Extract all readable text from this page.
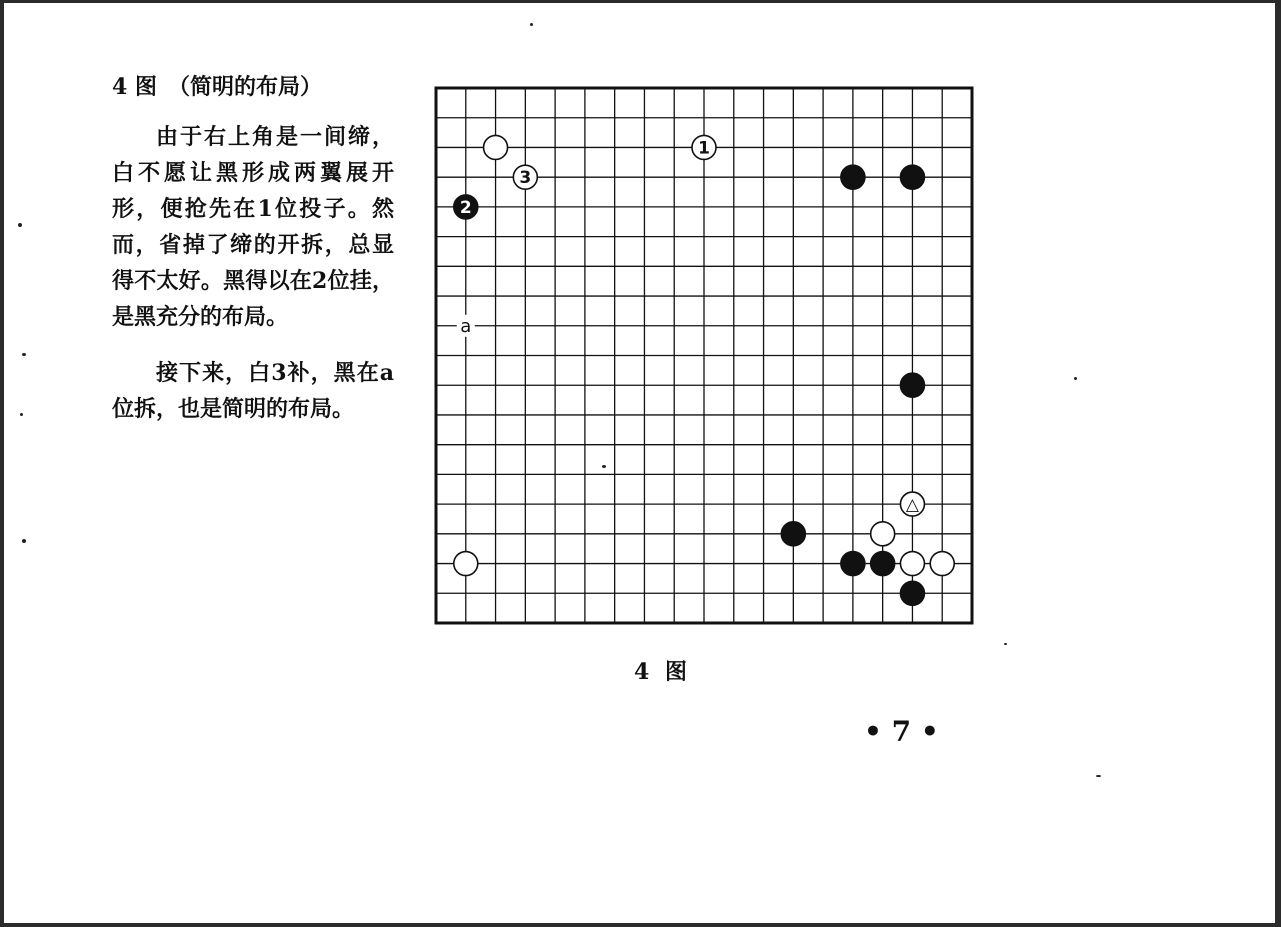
4 图　（简明的布局）

由于右上角是一间缔，白不愿让黑形成两翼展开形，便抢先在1位投子。然而，省掉了缔的开拆，总显得不太好。黑得以在2位挂，是黑充分的布局。

接下来，白3补，黑在a位拆，也是简明的布局。

1
3
2
△
a
4 图
• 7 •
